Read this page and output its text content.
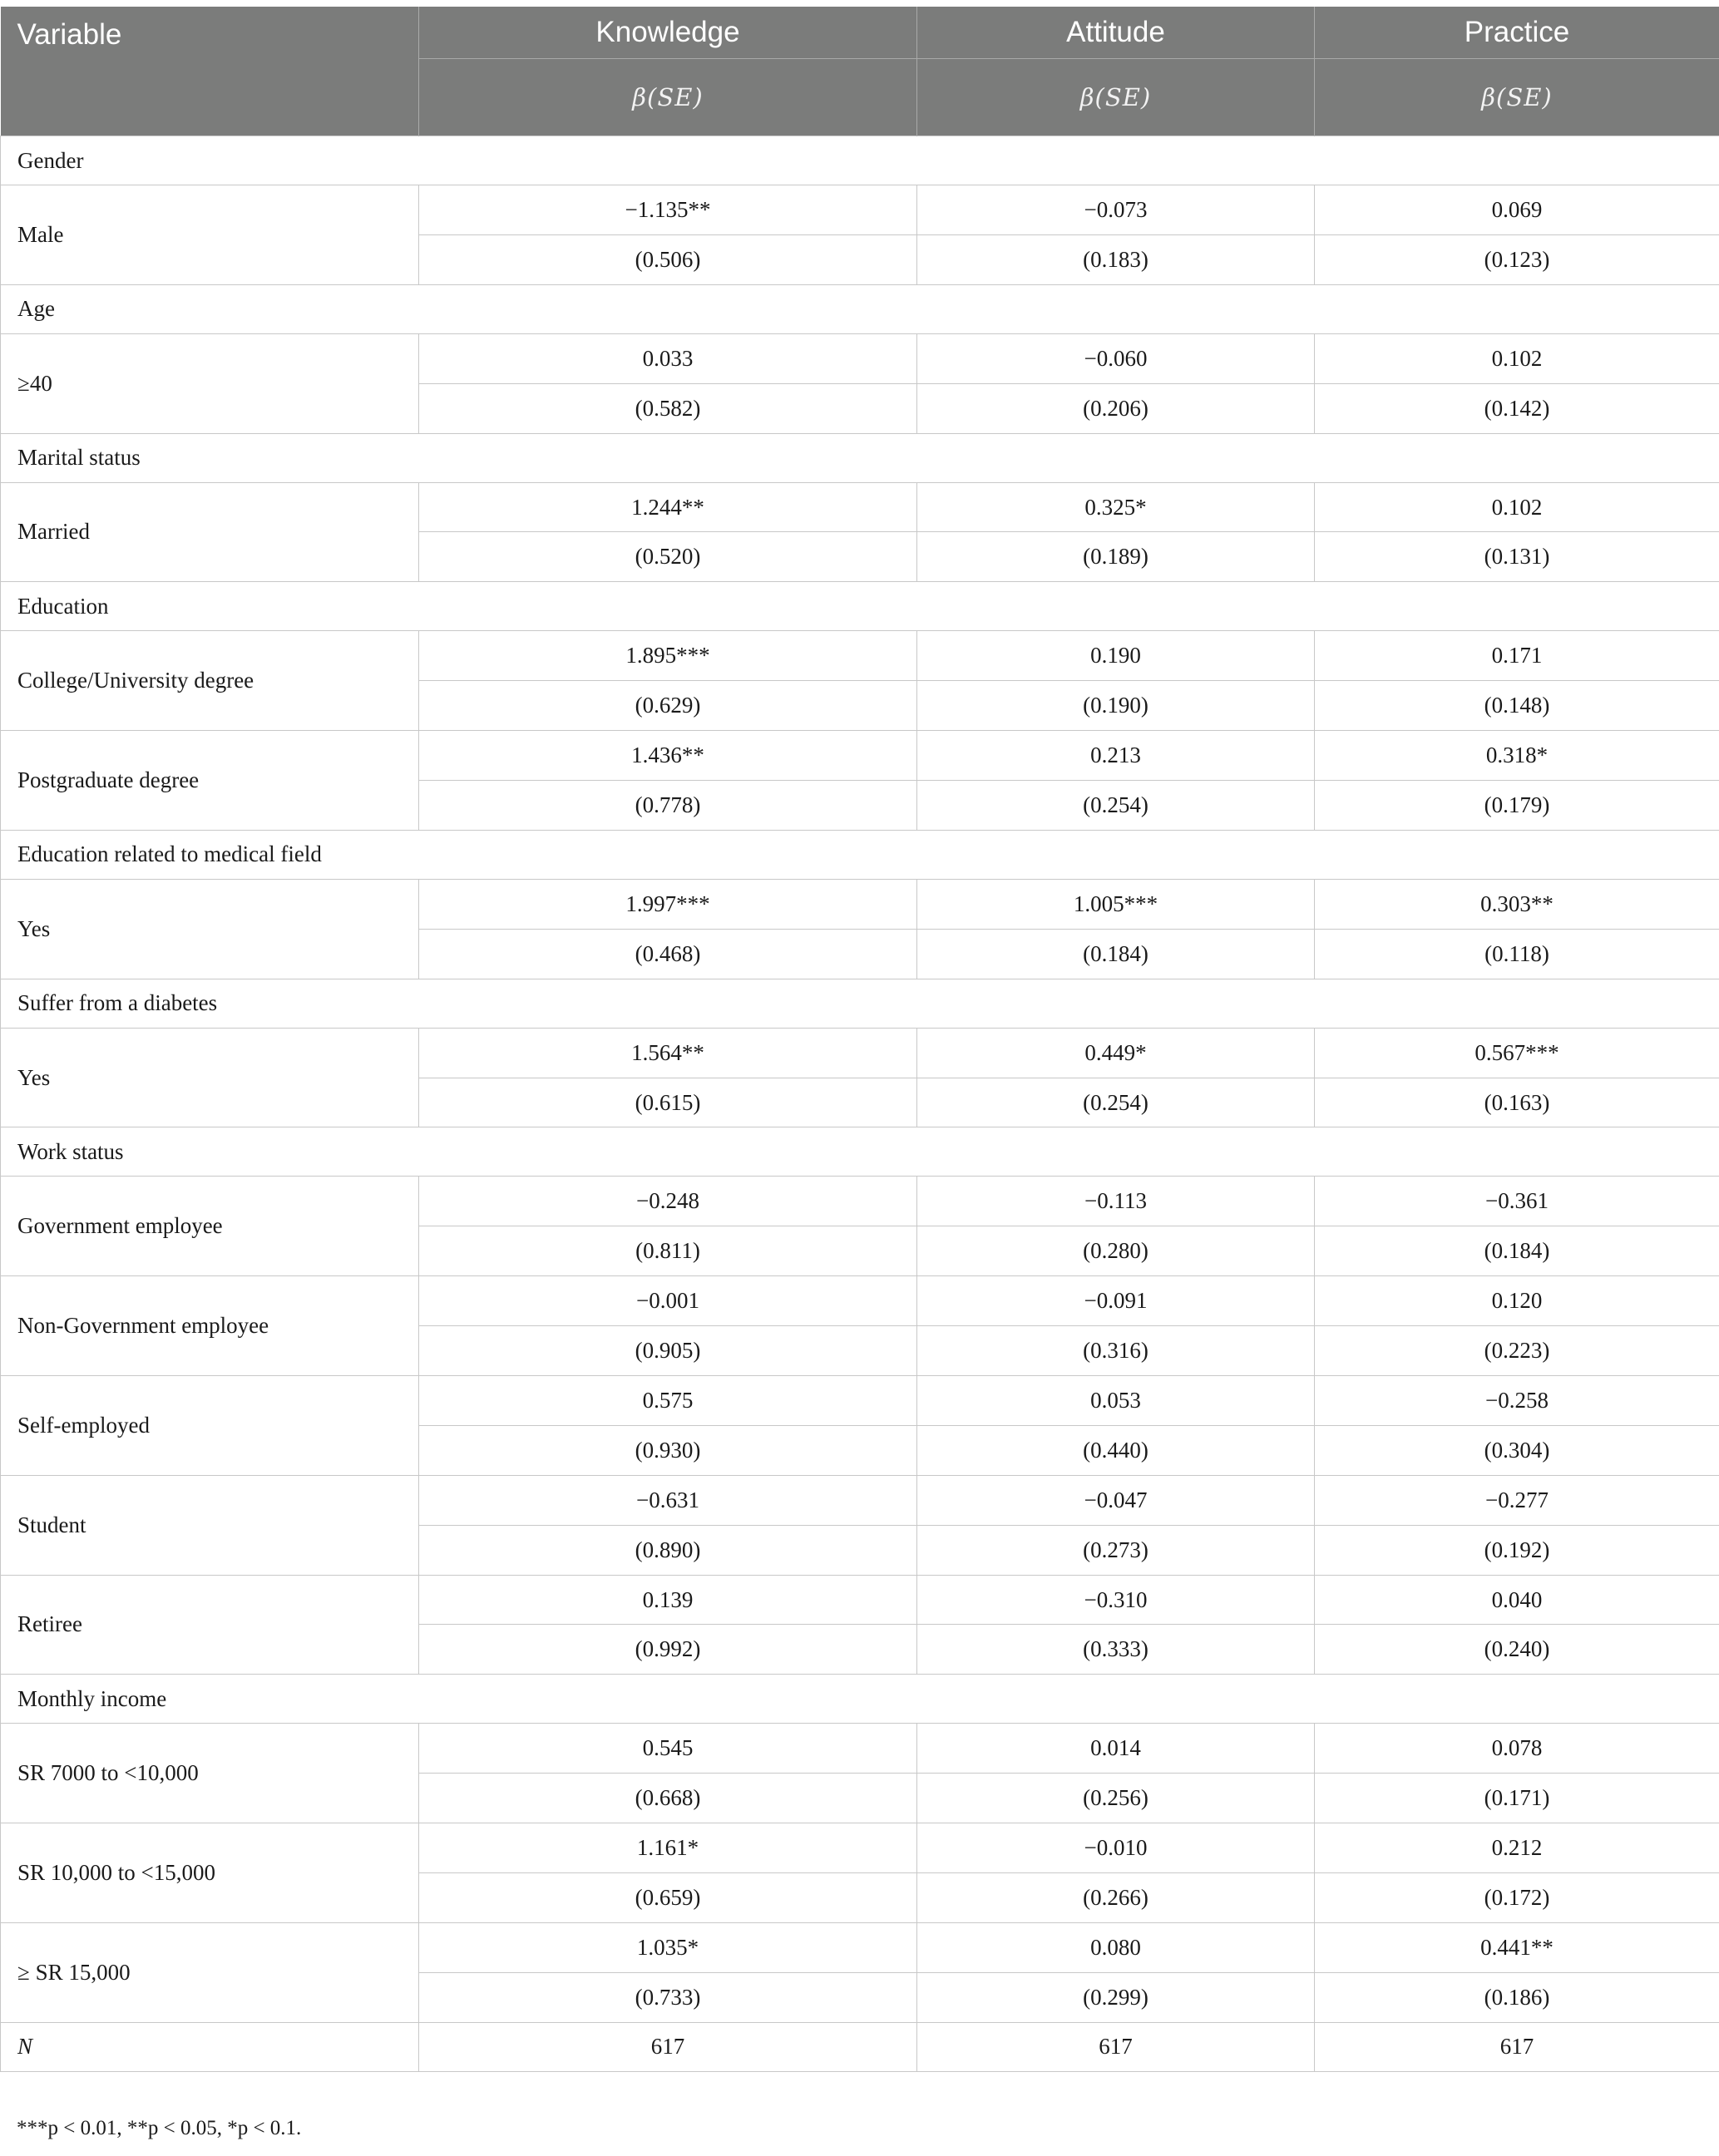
Variable	Knowledge	Attitude	Practice
	β(SE)	β(SE)	β(SE)
Gender			
Male	−1.135**	−0.073	0.069
	(0.506)	(0.183)	(0.123)
Age			
≥40	0.033	−0.060	0.102
	(0.582)	(0.206)	(0.142)
Marital status			
Married	1.244**	0.325*	0.102
	(0.520)	(0.189)	(0.131)
Education			
College/University degree	1.895***	0.190	0.171
	(0.629)	(0.190)	(0.148)
Postgraduate degree	1.436**	0.213	0.318*
	(0.778)	(0.254)	(0.179)
Education related to medical field			
Yes	1.997***	1.005***	0.303**
	(0.468)	(0.184)	(0.118)
Suffer from a diabetes			
Yes	1.564**	0.449*	0.567***
	(0.615)	(0.254)	(0.163)
Work status			
Government employee	−0.248	−0.113	−0.361
	(0.811)	(0.280)	(0.184)
Non-Government employee	−0.001	−0.091	0.120
	(0.905)	(0.316)	(0.223)
Self-employed	0.575	0.053	−0.258
	(0.930)	(0.440)	(0.304)
Student	−0.631	−0.047	−0.277
	(0.890)	(0.273)	(0.192)
Retiree	0.139	−0.310	0.040
	(0.992)	(0.333)	(0.240)
Monthly income			
SR 7000 to <10,000	0.545	0.014	0.078
	(0.668)	(0.256)	(0.171)
SR 10,000 to <15,000	1.161*	−0.010	0.212
	(0.659)	(0.266)	(0.172)
≥ SR 15,000	1.035*	0.080	0.441**
	(0.733)	(0.299)	(0.186)
N	617	617	617
***p < 0.01, **p < 0.05, *p < 0.1.
